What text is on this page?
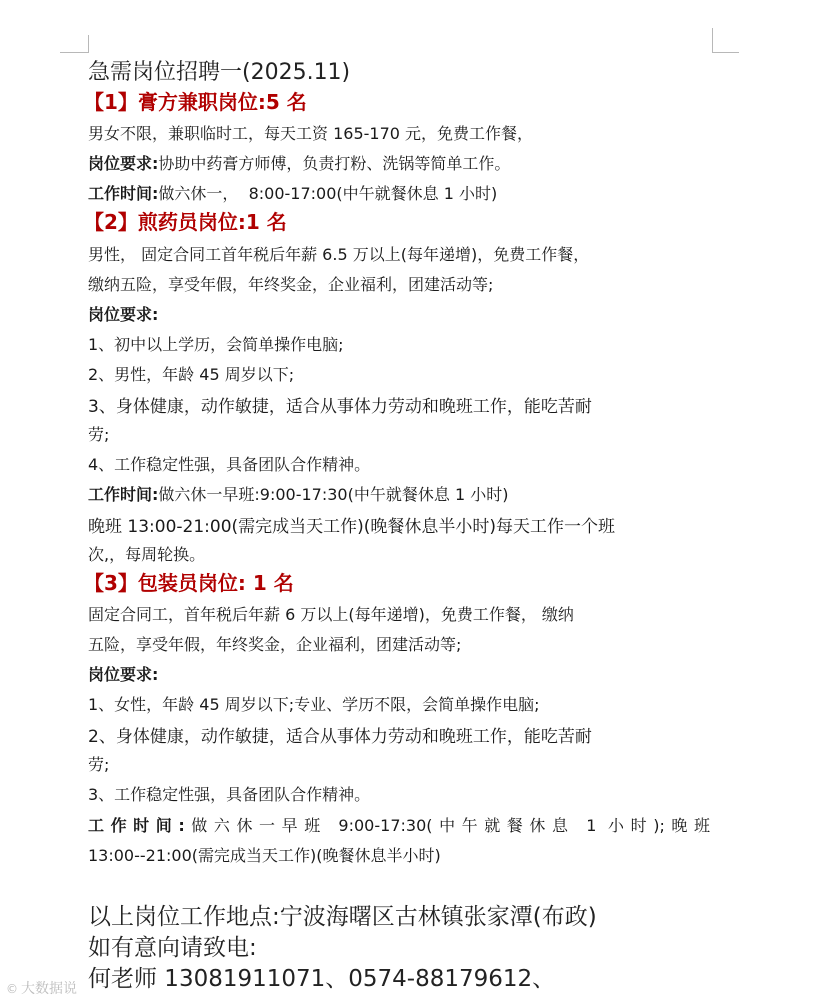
急需岗位招聘一(2025.11)
【1】膏方兼职岗位:5 名
男女不限，兼职临时工，每天工资 165-170 元，免费工作餐，
岗位要求:协助中药膏方师傅，负责打粉、洗锅等简单工作。
工作时间:做六休一，  8:00-17:00(中午就餐休息 1 小时)
【2】煎药员岗位:1 名
男性， 固定合同工首年税后年薪 6.5 万以上(每年递增)，免费工作餐，
缴纳五险，享受年假，年终奖金，企业福利，团建活动等;
岗位要求:
1、初中以上学历，会简单操作电脑;
2、男性，年龄 45 周岁以下;
3、身体健康，动作敏捷，适合从事体力劳动和晚班工作，能吃苦耐
劳;
4、工作稳定性强，具备团队合作精神。
工作时间:做六休一早班:9:00-17:30(中午就餐休息 1 小时)
晚班 13:00-21:00(需完成当天工作)(晚餐休息半小时)每天工作一个班
次,，每周轮换。
【3】包装员岗位: 1 名
固定合同工，首年税后年薪 6 万以上(每年递增)，免费工作餐， 缴纳
五险，享受年假，年终奖金，企业福利，团建活动等;
岗位要求:
1、女性，年龄 45 周岁以下;专业、学历不限，会简单操作电脑;
2、身体健康，动作敏捷，适合从事体力劳动和晚班工作，能吃苦耐
劳;
3、工作稳定性强，具备团队合作精神。
工作时间:做六休一早班 9:00-17:30(中午就餐休息 1 小时);晚班
13:00--21:00(需完成当天工作)(晚餐休息半小时)
以上岗位工作地点:宁波海曙区古林镇张家潭(布政)
如有意向请致电:
何老师 13081911071、0574-88179612、
© 大数据说
